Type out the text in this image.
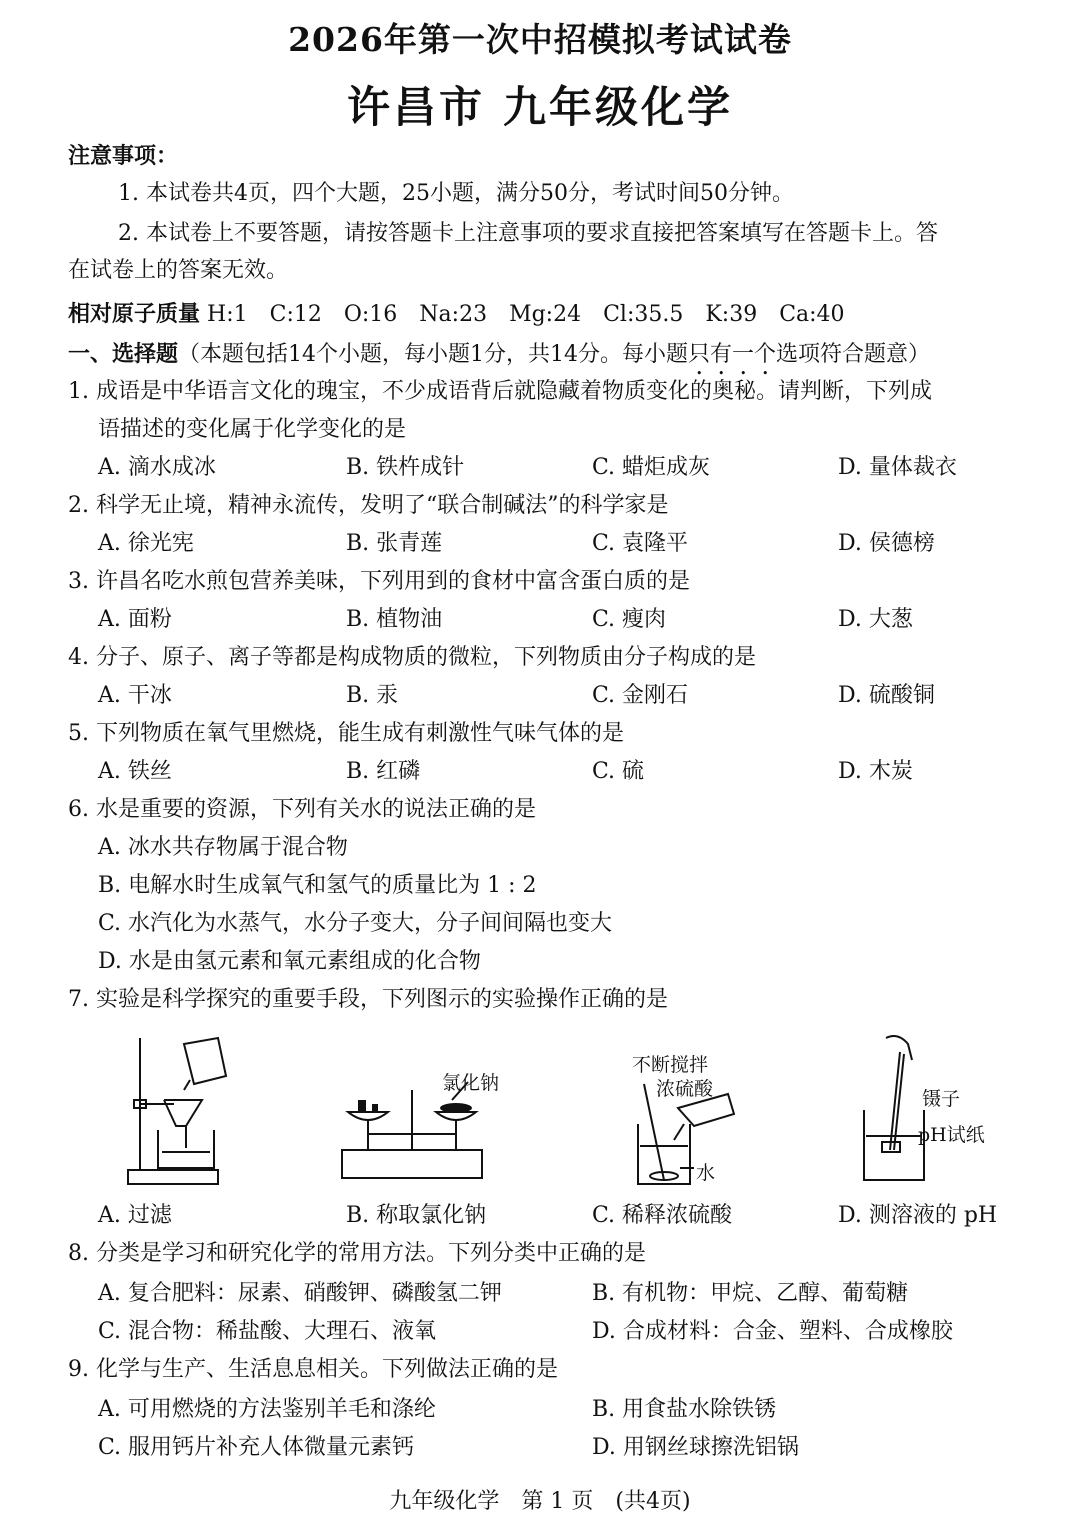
2026年第一次中招模拟考试试卷
许昌市 九年级化学
注意事项：
1. 本试卷共4页，四个大题，25小题，满分50分，考试时间50分钟。
2. 本试卷上不要答题，请按答题卡上注意事项的要求直接把答案填写在答题卡上。答
在试卷上的答案无效。
相对原子质量 H:1　C:12　O:16　Na:23　Mg:24　Cl:35.5　K:39　Ca:40
一、选择题（本题包括14个小题，每小题1分，共14分。每小题只有一个选项符合题意）
1. 成语是中华语言文化的瑰宝，不少成语背后就隐藏着物质变化的奥秘。请判断，下列成
语描述的变化属于化学变化的是
A. 滴水成冰	B. 铁杵成针	C. 蜡炬成灰	D. 量体裁衣
2. 科学无止境，精神永流传，发明了“联合制碱法”的科学家是
A. 徐光宪	B. 张青莲	C. 袁隆平	D. 侯德榜
3. 许昌名吃水煎包营养美味，下列用到的食材中富含蛋白质的是
A. 面粉	B. 植物油	C. 瘦肉	D. 大葱
4. 分子、原子、离子等都是构成物质的微粒，下列物质由分子构成的是
A. 干冰	B. 汞	C. 金刚石	D. 硫酸铜
5. 下列物质在氧气里燃烧，能生成有刺激性气味气体的是
A. 铁丝	B. 红磷	C. 硫	D. 木炭
6. 水是重要的资源，下列有关水的说法正确的是
A. 冰水共存物属于混合物
B. 电解水时生成氧气和氢气的质量比为 1 : 2
C. 水汽化为水蒸气，水分子变大，分子间间隔也变大
D. 水是由氢元素和氧元素组成的化合物
7. 实验是科学探究的重要手段，下列图示的实验操作正确的是
A. 过滤
氯化钠
B. 称取氯化钠
不断搅拌
浓硫酸
水
C. 稀释浓硫酸
镊子
pH试纸
D. 测溶液的 pH
8. 分类是学习和研究化学的常用方法。下列分类中正确的是
A. 复合肥料：尿素、硝酸钾、磷酸氢二钾	B. 有机物：甲烷、乙醇、葡萄糖
C. 混合物：稀盐酸、大理石、液氧	D. 合成材料：合金、塑料、合成橡胶
9. 化学与生产、生活息息相关。下列做法正确的是
A. 可用燃烧的方法鉴别羊毛和涤纶	B. 用食盐水除铁锈
C. 服用钙片补充人体微量元素钙	D. 用钢丝球擦洗铝锅
九年级化学　第 1 页　(共4页)
